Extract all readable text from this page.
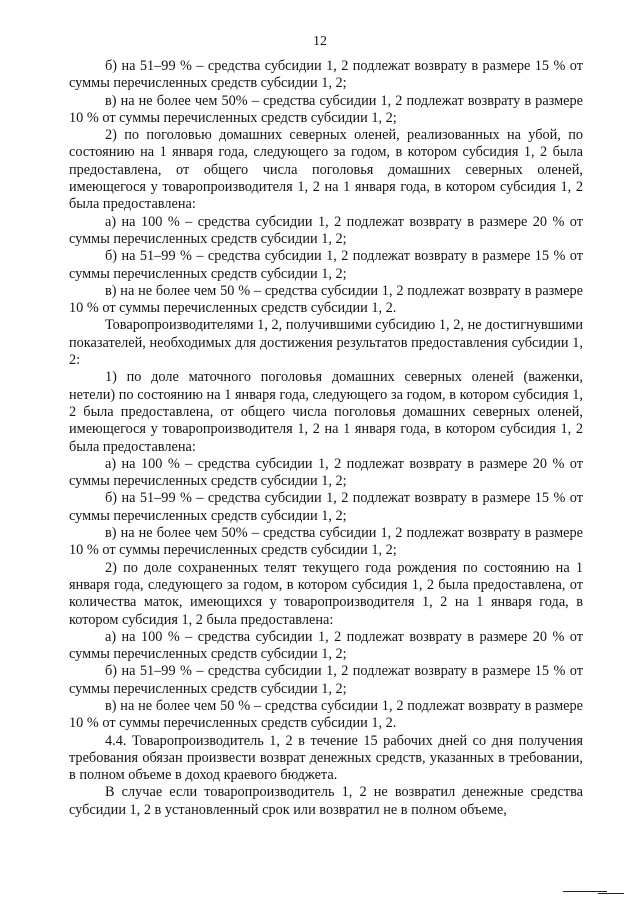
12

б) на 51–99 % – средства субсидии 1, 2 подлежат возврату в размере 15 % от суммы перечисленных средств субсидии 1, 2;

в) на не более чем 50% – средства субсидии 1, 2 подлежат возврату в размере 10 % от суммы перечисленных средств субсидии 1, 2;

2) по поголовью домашних северных оленей, реализованных на убой, по состоянию на 1 января года, следующего за годом, в котором субсидия 1, 2 была предоставлена, от общего числа поголовья домашних северных оленей, имеющегося у товаропроизводителя 1, 2 на 1 января года, в котором субсидия 1, 2 была предоставлена:

а) на 100 % – средства субсидии 1, 2 подлежат возврату в размере 20 % от суммы перечисленных средств субсидии 1, 2;

б) на 51–99 % – средства субсидии 1, 2 подлежат возврату в размере 15 % от суммы перечисленных средств субсидии 1, 2;

в) на не более чем 50 % – средства субсидии 1, 2 подлежат возврату в размере 10 % от суммы перечисленных средств субсидии 1, 2.

Товаропроизводителями 1, 2, получившими субсидию 1, 2, не достигнувшими показателей, необходимых для достижения результатов предоставления субсидии 1, 2:

1) по доле маточного поголовья домашних северных оленей (важенки, нетели) по состоянию на 1 января года, следующего за годом, в котором субсидия 1, 2 была предоставлена, от общего числа поголовья домашних северных оленей, имеющегося у товаропроизводителя 1, 2 на 1 января года, в котором субсидия 1, 2 была предоставлена:

а) на 100 % – средства субсидии 1, 2 подлежат возврату в размере 20 % от суммы перечисленных средств субсидии 1, 2;

б) на 51–99 % – средства субсидии 1, 2 подлежат возврату в размере 15 % от суммы перечисленных средств субсидии 1, 2;

в) на не более чем 50% – средства субсидии 1, 2 подлежат возврату в размере 10 % от суммы перечисленных средств субсидии 1, 2;

2) по доле сохраненных телят текущего года рождения по состоянию на 1 января года, следующего за годом, в котором субсидия 1, 2 была предоставлена, от количества маток, имеющихся у товаропроизводителя 1, 2 на 1 января года, в котором субсидия 1, 2 была предоставлена:

а) на 100 % – средства субсидии 1, 2 подлежат возврату в размере 20 % от суммы перечисленных средств субсидии 1, 2;

б) на 51–99 % – средства субсидии 1, 2 подлежат возврату в размере 15 % от суммы перечисленных средств субсидии 1, 2;

в) на не более чем 50 % – средства субсидии 1, 2 подлежат возврату в размере 10 % от суммы перечисленных средств субсидии 1, 2.

4.4. Товаропроизводитель 1, 2 в течение 15 рабочих дней со дня получения требования обязан произвести возврат денежных средств, указанных в требовании, в полном объеме в доход краевого бюджета.

В случае если товаропроизводитель 1, 2 не возвратил денежные средства субсидии 1, 2 в установленный срок или возвратил не в полном объеме,
